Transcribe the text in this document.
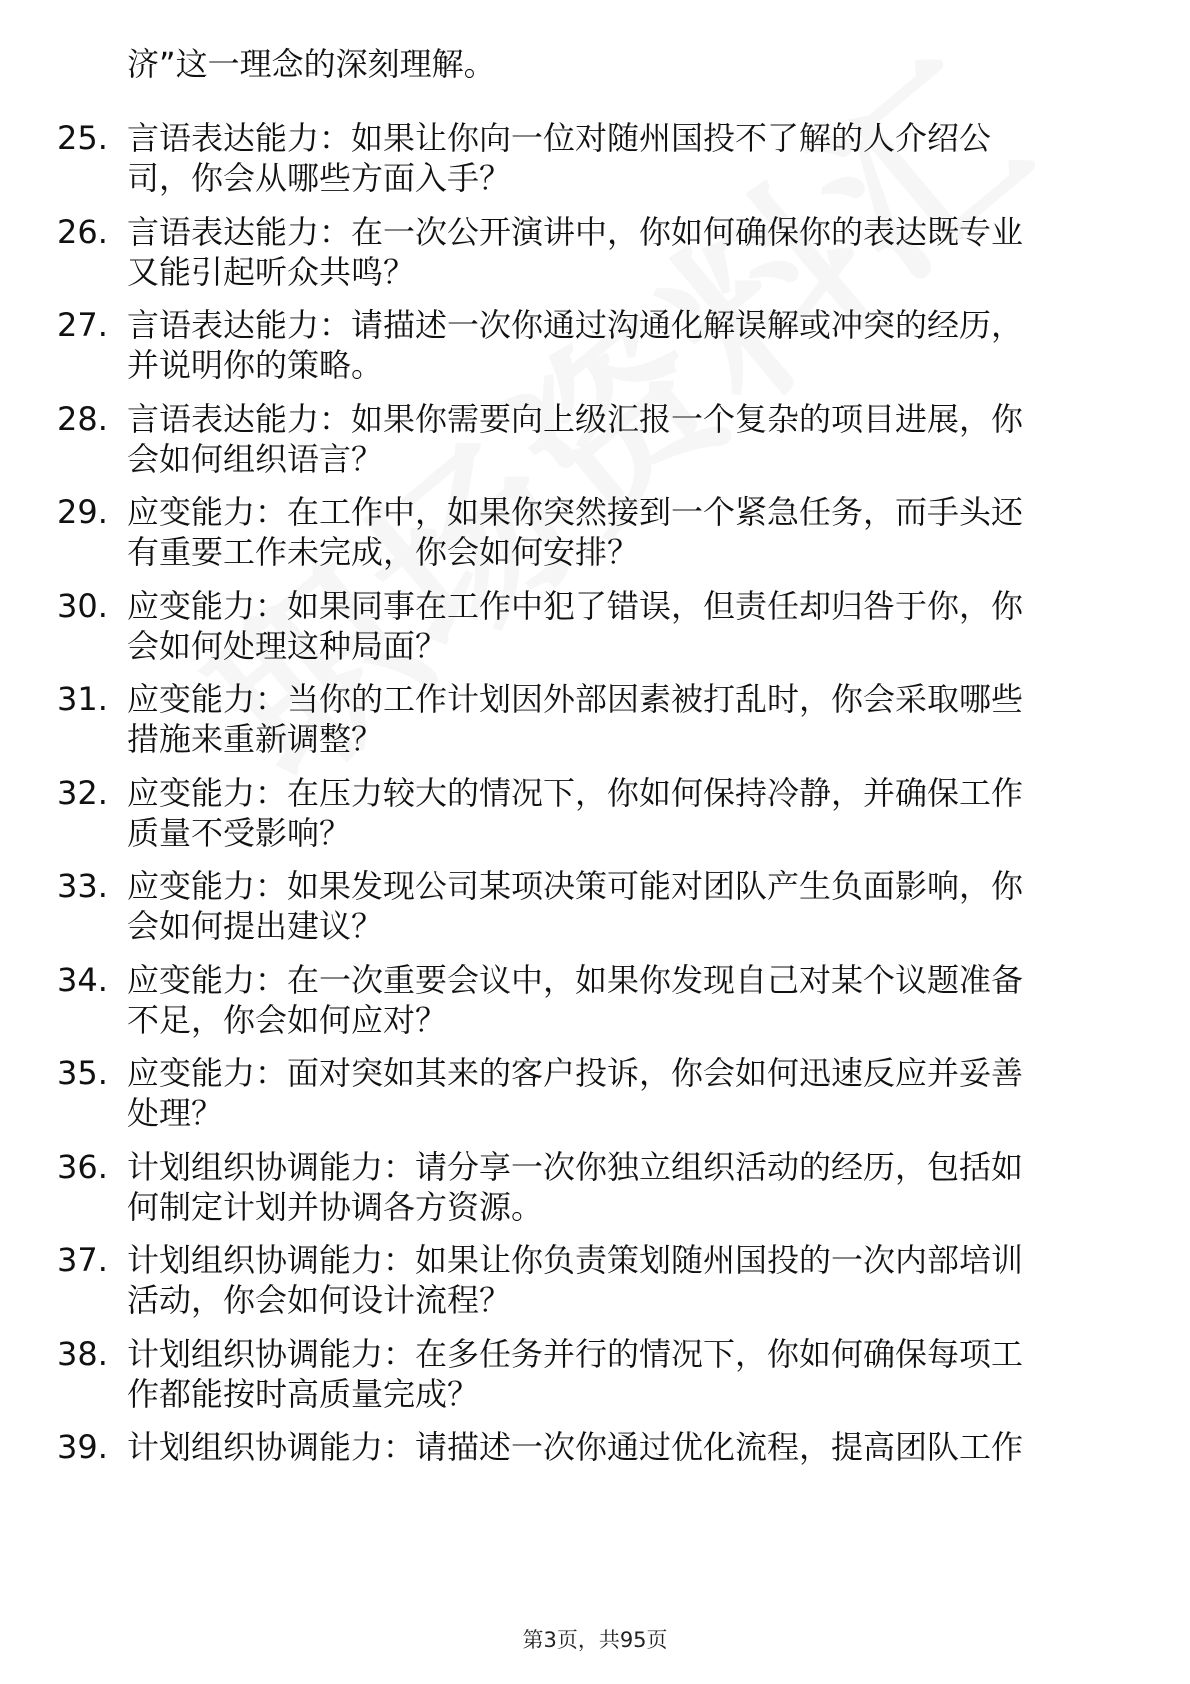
济”这一理念的深刻理解。
25. 言语表达能力：如果让你向一位对随州国投不了解的人介绍公
司，你会从哪些方面入手？
26. 言语表达能力：在一次公开演讲中，你如何确保你的表达既专业
又能引起听众共鸣？
27. 言语表达能力：请描述一次你通过沟通化解误解或冲突的经历，
并说明你的策略。
28. 言语表达能力：如果你需要向上级汇报一个复杂的项目进展，你
会如何组织语言？
29. 应变能力：在工作中，如果你突然接到一个紧急任务，而手头还
有重要工作未完成，你会如何安排？
30. 应变能力：如果同事在工作中犯了错误，但责任却归咎于你，你
会如何处理这种局面？
31. 应变能力：当你的工作计划因外部因素被打乱时，你会采取哪些
措施来重新调整？
32. 应变能力：在压力较大的情况下，你如何保持冷静，并确保工作
质量不受影响？
33. 应变能力：如果发现公司某项决策可能对团队产生负面影响，你
会如何提出建议？
34. 应变能力：在一次重要会议中，如果你发现自己对某个议题准备
不足，你会如何应对？
35. 应变能力：面对突如其来的客户投诉，你会如何迅速反应并妥善
处理？
36. 计划组织协调能力：请分享一次你独立组织活动的经历，包括如
何制定计划并协调各方资源。
37. 计划组织协调能力：如果让你负责策划随州国投的一次内部培训
活动，你会如何设计流程？
38. 计划组织协调能力：在多任务并行的情况下，你如何确保每项工
作都能按时高质量完成？
39. 计划组织协调能力：请描述一次你通过优化流程，提高团队工作
第3页，共95页
